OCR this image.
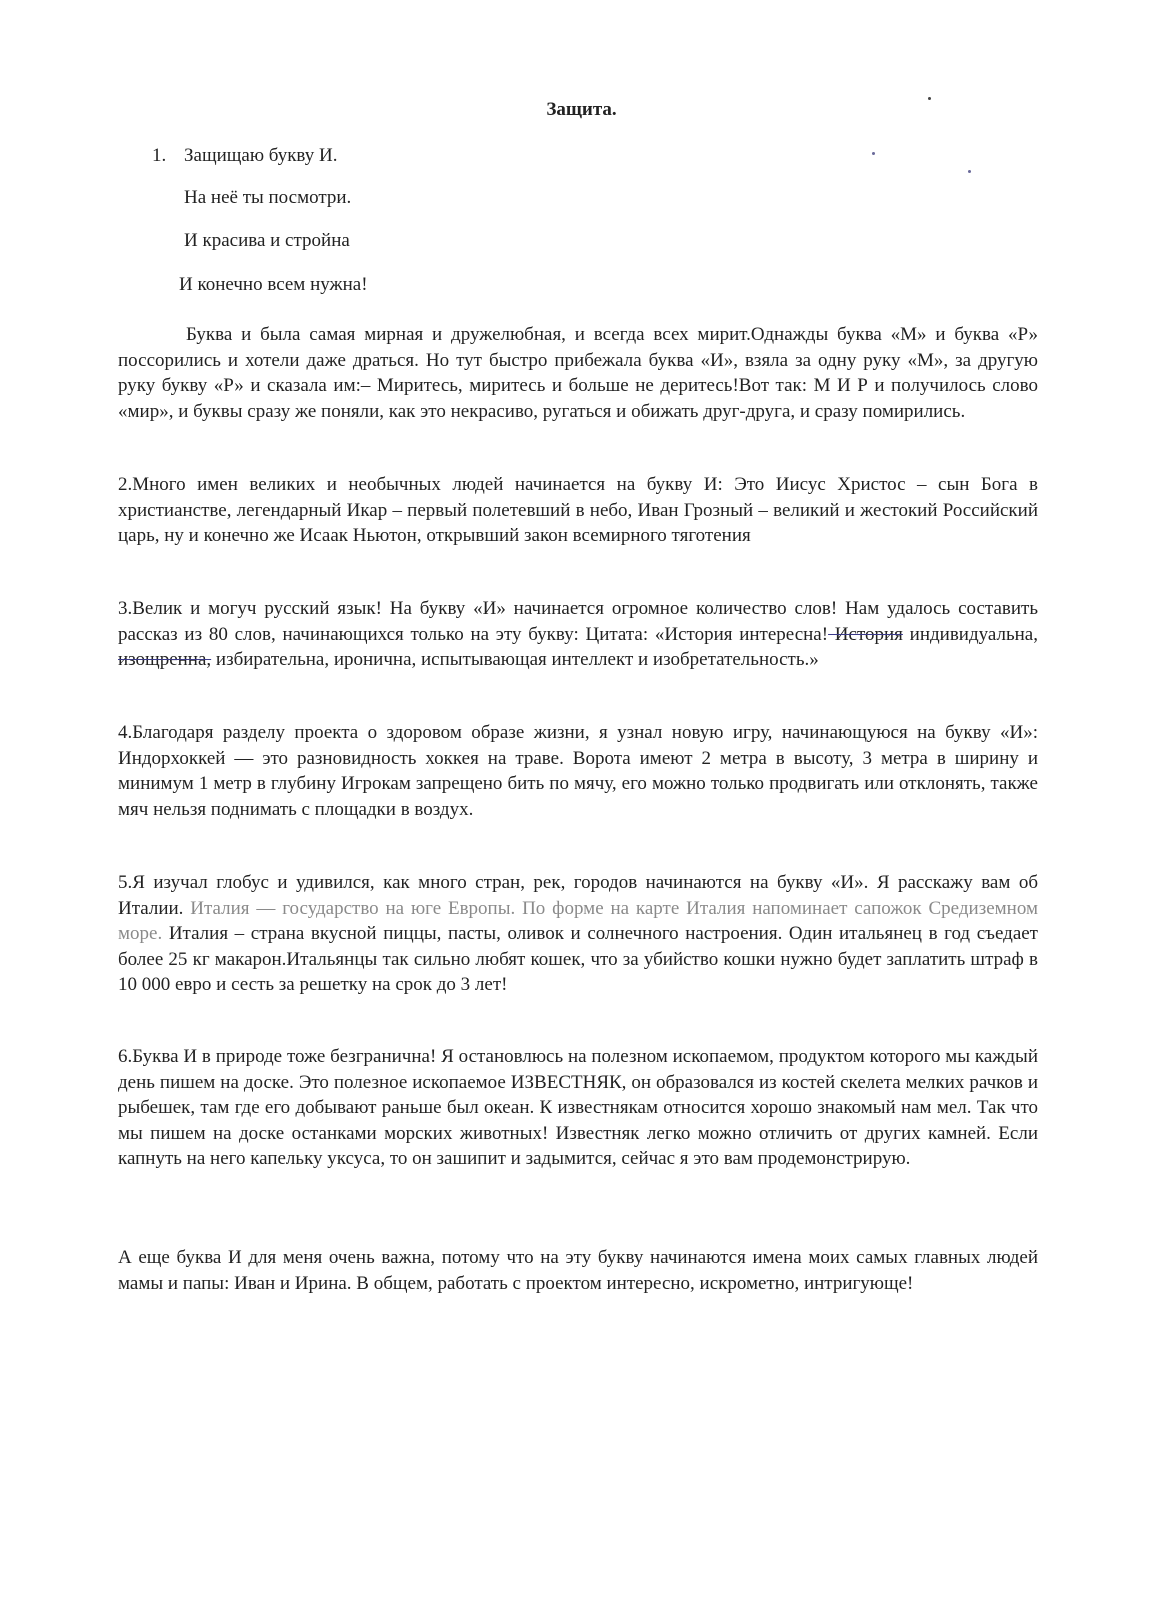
Защита.
1. Защищаю букву И.
На неё ты посмотри.
И красива и стройна
И конечно всем нужна!

Буква и была самая мирная и дружелюбная, и всегда всех мирит.Однажды буква «М» и буква «Р» поссорились и хотели даже драться. Но тут быстро прибежала буква «И», взяла за одну руку «М», за другую руку букву «Р» и сказала им:– Миритесь, миритесь и больше не деритесь!Вот так: М И Р и получилось слово «мир», и буквы сразу же поняли, как это некрасиво, ругаться и обижать друг-друга, и сразу помирились.

2.Много имен великих и необычных людей начинается на букву И: Это Иисус Христос – сын Бога в христианстве, легендарный Икар – первый полетевший в небо, Иван Грозный – великий и жестокий Российский царь, ну и конечно же Исаак Ньютон, открывший закон всемирного тяготения

3.Велик и могуч русский язык! На букву «И» начинается огромное количество слов! Нам удалось составить рассказ из 80 слов, начинающихся только на эту букву: Цитата: «История интересна! История индивидуальна, изощренна, избирательна, иронична, испытывающая интеллект и изобретательность.»

4.Благодаря разделу проекта о здоровом образе жизни, я узнал новую игру, начинающуюся на букву «И»: Индорхоккей — это разновидность хоккея на траве. Ворота имеют 2 метра в высоту, 3 метра в ширину и минимум 1 метр в глубину Игрокам запрещено бить по мячу, его можно только продвигать или отклонять, также мяч нельзя поднимать с площадки в воздух.

5.Я изучал глобус и удивился, как много стран, рек, городов начинаются на букву «И». Я расскажу вам об Италии. Италия — государство на юге Европы. По форме на карте Италия напоминает сапожок Средиземном море. Италия – страна вкусной пиццы, пасты, оливок и солнечного настроения. Один итальянец в год съедает более 25 кг макарон.Итальянцы так сильно любят кошек, что за убийство кошки нужно будет заплатить штраф в 10 000 евро и сесть за решетку на срок до 3 лет!

6.Буква И в природе тоже безгранична! Я остановлюсь на полезном ископаемом, продуктом которого мы каждый день пишем на доске. Это полезное ископаемое ИЗВЕСТНЯК, он образовался из костей скелета мелких рачков и рыбешек, там где его добывают раньше был океан. К известнякам относится хорошо знакомый нам мел. Так что мы пишем на доске останками морских животных! Известняк легко можно отличить от других камней. Если капнуть на него капельку уксуса, то он зашипит и задымится, сейчас я это вам продемонстрирую.

А еще буква И для меня очень важна, потому что на эту букву начинаются имена моих самых главных людей мамы и папы: Иван и Ирина. В общем, работать с проектом интересно, искрометно, интригующе!
